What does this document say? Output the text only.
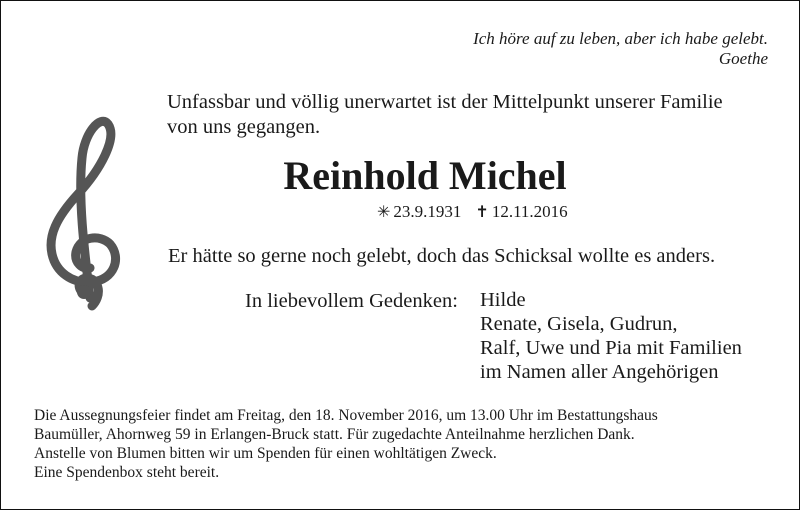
Ich höre auf zu leben, aber ich habe gelebt.
Goethe
Unfassbar und völlig unerwartet ist der Mittelpunkt unserer Familie
von uns gegangen.
Reinhold Michel
✳ 23.9.1931 ✝ 12.11.2016
Er hätte so gerne noch gelebt, doch das Schicksal wollte es anders.
In liebevollem Gedenken: Hilde
Renate, Gisela, Gudrun,
Ralf, Uwe und Pia mit Familien
im Namen aller Angehörigen
Die Aussegnungsfeier findet am Freitag, den 18. November 2016, um 13.00 Uhr im Bestattungshaus
Baumüller, Ahornweg 59 in Erlangen-Bruck statt. Für zugedachte Anteilnahme herzlichen Dank.
Anstelle von Blumen bitten wir um Spenden für einen wohltätigen Zweck.
Eine Spendenbox steht bereit.
